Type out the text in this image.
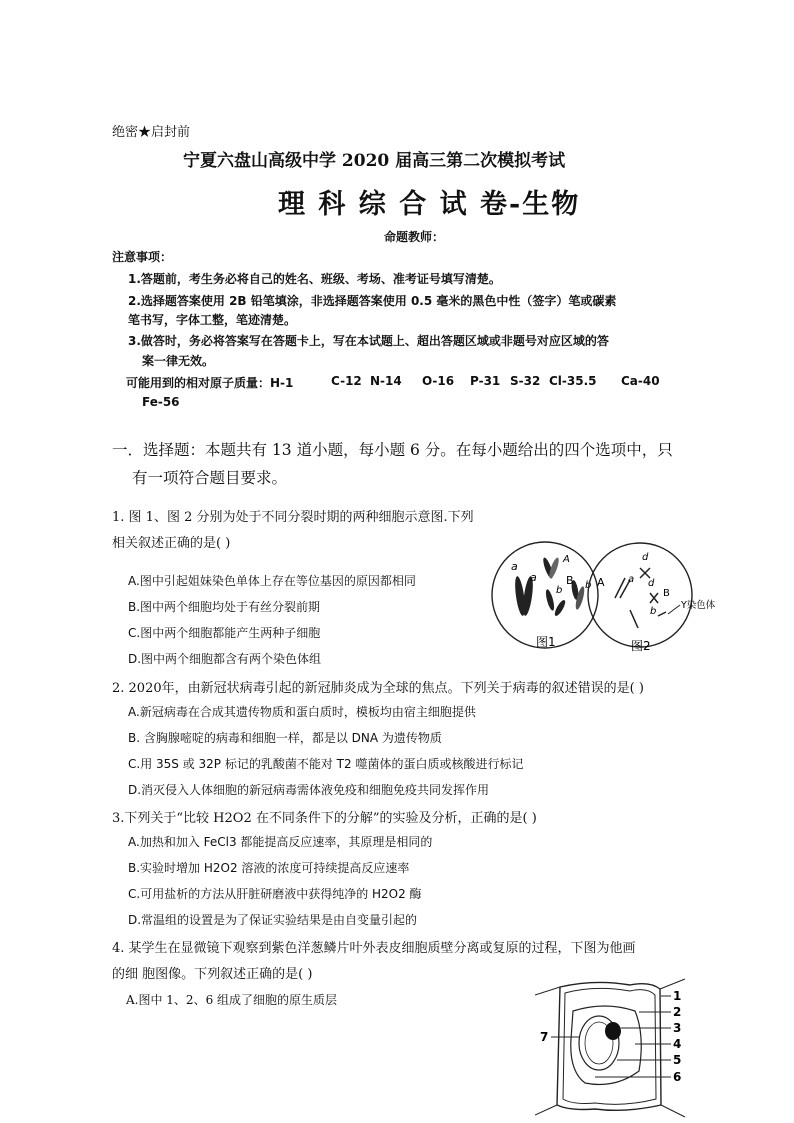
绝密★启封前
宁夏六盘山高级中学 2020 届高三第二次模拟考试
理 科 综 合 试 卷-生物
命题教师：
注意事项：
1.答题前，考生务必将自己的姓名、班级、考场、准考证号填写清楚。
2.选择题答案使用 2B 铅笔填涂，非选择题答案使用 0.5 毫米的黑色中性（签字）笔或碳素
笔书写，字体工整，笔迹清楚。
3.做答时，务必将答案写在答题卡上，写在本试题上、超出答题区域或非题号对应区域的答
案一律无效。
可能用到的相对原子质量：H-1	C-12 N-14 O-16 P-31 S-32 Cl-35.5 Ca-40
Fe-56
一．选择题：本题共有 13 道小题，每小题 6 分。在每小题给出的四个选项中，只
有一项符合题目要求。
1. 图 1、图 2 分别为处于不同分裂时期的两种细胞示意图.下列
相关叙述正确的是( )
A.图中引起姐妹染色单体上存在等位基因的原因都相同
B.图中两个细胞均处于有丝分裂前期
C.图中两个细胞都能产生两种子细胞
D.图中两个细胞都含有两个染色体组
a
a
A
b
B b
图1
d
d
A a
b
B
Y染色体
图2
2. 2020年，由新冠状病毒引起的新冠肺炎成为全球的焦点。下列关于病毒的叙述错误的是( )
A.新冠病毒在合成其遗传物质和蛋白质时，模板均由宿主细胞提供
B. 含胸腺嘧啶的病毒和细胞一样，都是以 DNA 为遗传物质
C.用 35S 或 32P 标记的乳酸菌不能对 T2 噬菌体的蛋白质或核酸进行标记
D.消灭侵入人体细胞的新冠病毒需体液免疫和细胞免疫共同发挥作用
3.下列关于“比较 H2O2 在不同条件下的分解”的实验及分析，正确的是( )
A.加热和加入 FeCl3 都能提高反应速率，其原理是相同的
B.实验时增加 H2O2 溶液的浓度可持续提高反应速率
C.可用盐析的方法从肝脏研磨液中获得纯净的 H2O2 酶
D.常温组的设置是为了保证实验结果是由自变量引起的
4. 某学生在显微镜下观察到紫色洋葱鳞片叶外表皮细胞质壁分离或复原的过程，下图为他画
的细 胞图像。下列叙述正确的是( )
A.图中 1、2、6 组成了细胞的原生质层	1
2
3
4
5
6
7
